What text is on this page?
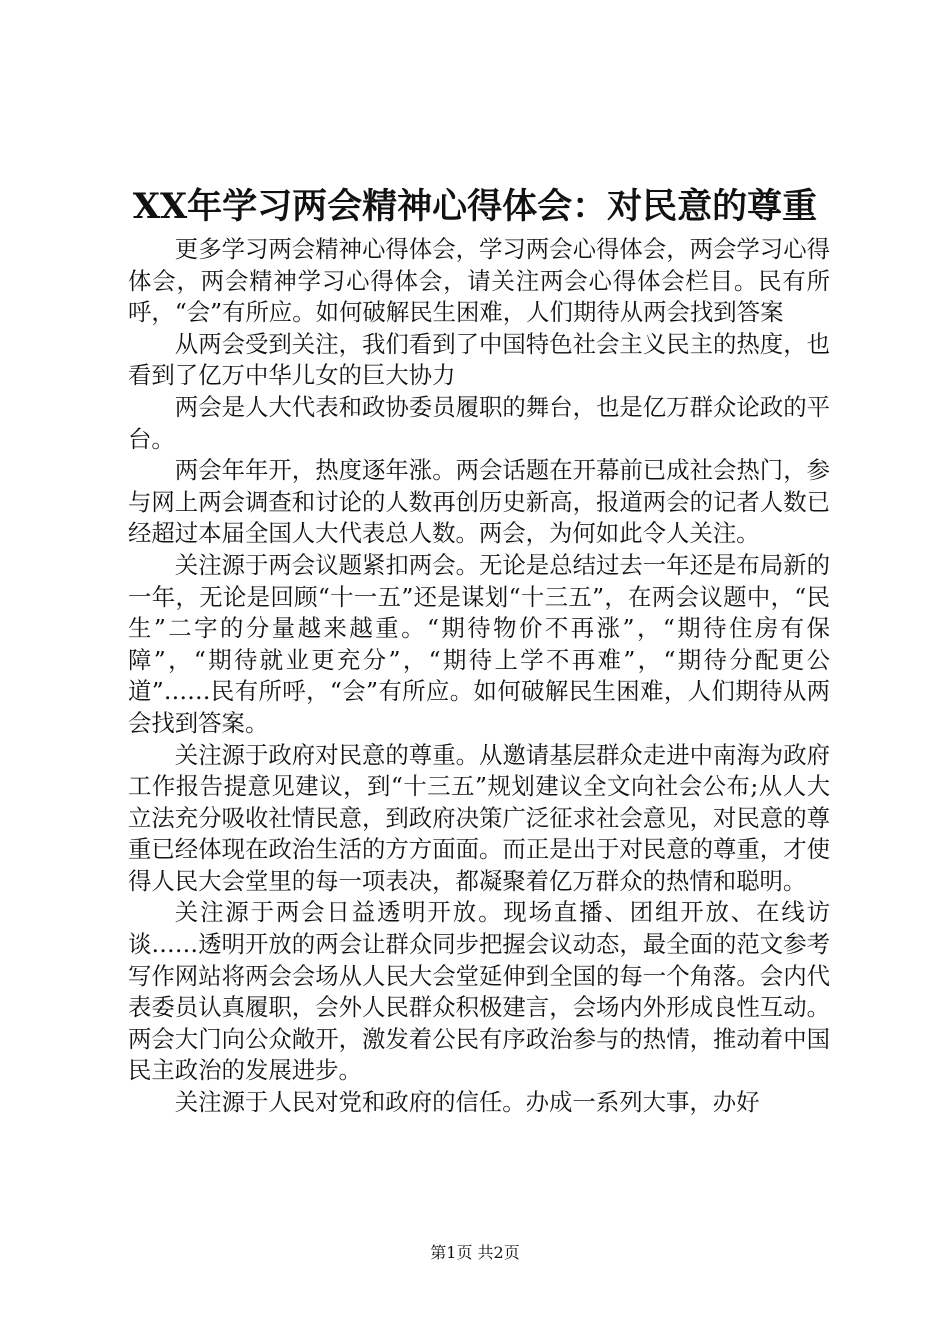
XX年学习两会精神心得体会：对民意的尊重

更多学习两会精神心得体会，学习两会心得体会，两会学习心得体会，两会精神学习心得体会，请关注两会心得体会栏目。民有所呼，“会”有所应。如何破解民生困难，人们期待从两会找到答案

从两会受到关注，我们看到了中国特色社会主义民主的热度，也看到了亿万中华儿女的巨大协力

两会是人大代表和政协委员履职的舞台，也是亿万群众论政的平台。

两会年年开，热度逐年涨。两会话题在开幕前已成社会热门，参与网上两会调查和讨论的人数再创历史新高，报道两会的记者人数已经超过本届全国人大代表总人数。两会，为何如此令人关注。

关注源于两会议题紧扣两会。无论是总结过去一年还是布局新的一年，无论是回顾“十一五”还是谋划“十三五”，在两会议题中，“民生”二字的分量越来越重。“期待物价不再涨”，“期待住房有保障”，“期待就业更充分”，“期待上学不再难”，“期待分配更公道”……民有所呼，“会”有所应。如何破解民生困难，人们期待从两会找到答案。

关注源于政府对民意的尊重。从邀请基层群众走进中南海为政府工作报告提意见建议，到“十三五”规划建议全文向社会公布;从人大立法充分吸收社情民意，到政府决策广泛征求社会意见，对民意的尊重已经体现在政治生活的方方面面。而正是出于对民意的尊重，才使得人民大会堂里的每一项表决，都凝聚着亿万群众的热情和聪明。

关注源于两会日益透明开放。现场直播、团组开放、在线访谈……透明开放的两会让群众同步把握会议动态，最全面的范文参考写作网站将两会会场从人民大会堂延伸到全国的每一个角落。会内代表委员认真履职，会外人民群众积极建言，会场内外形成良性互动。两会大门向公众敞开，激发着公民有序政治参与的热情，推动着中国民主政治的发展进步。

关注源于人民对党和政府的信任。办成一系列大事，办好

第1页 共2页
